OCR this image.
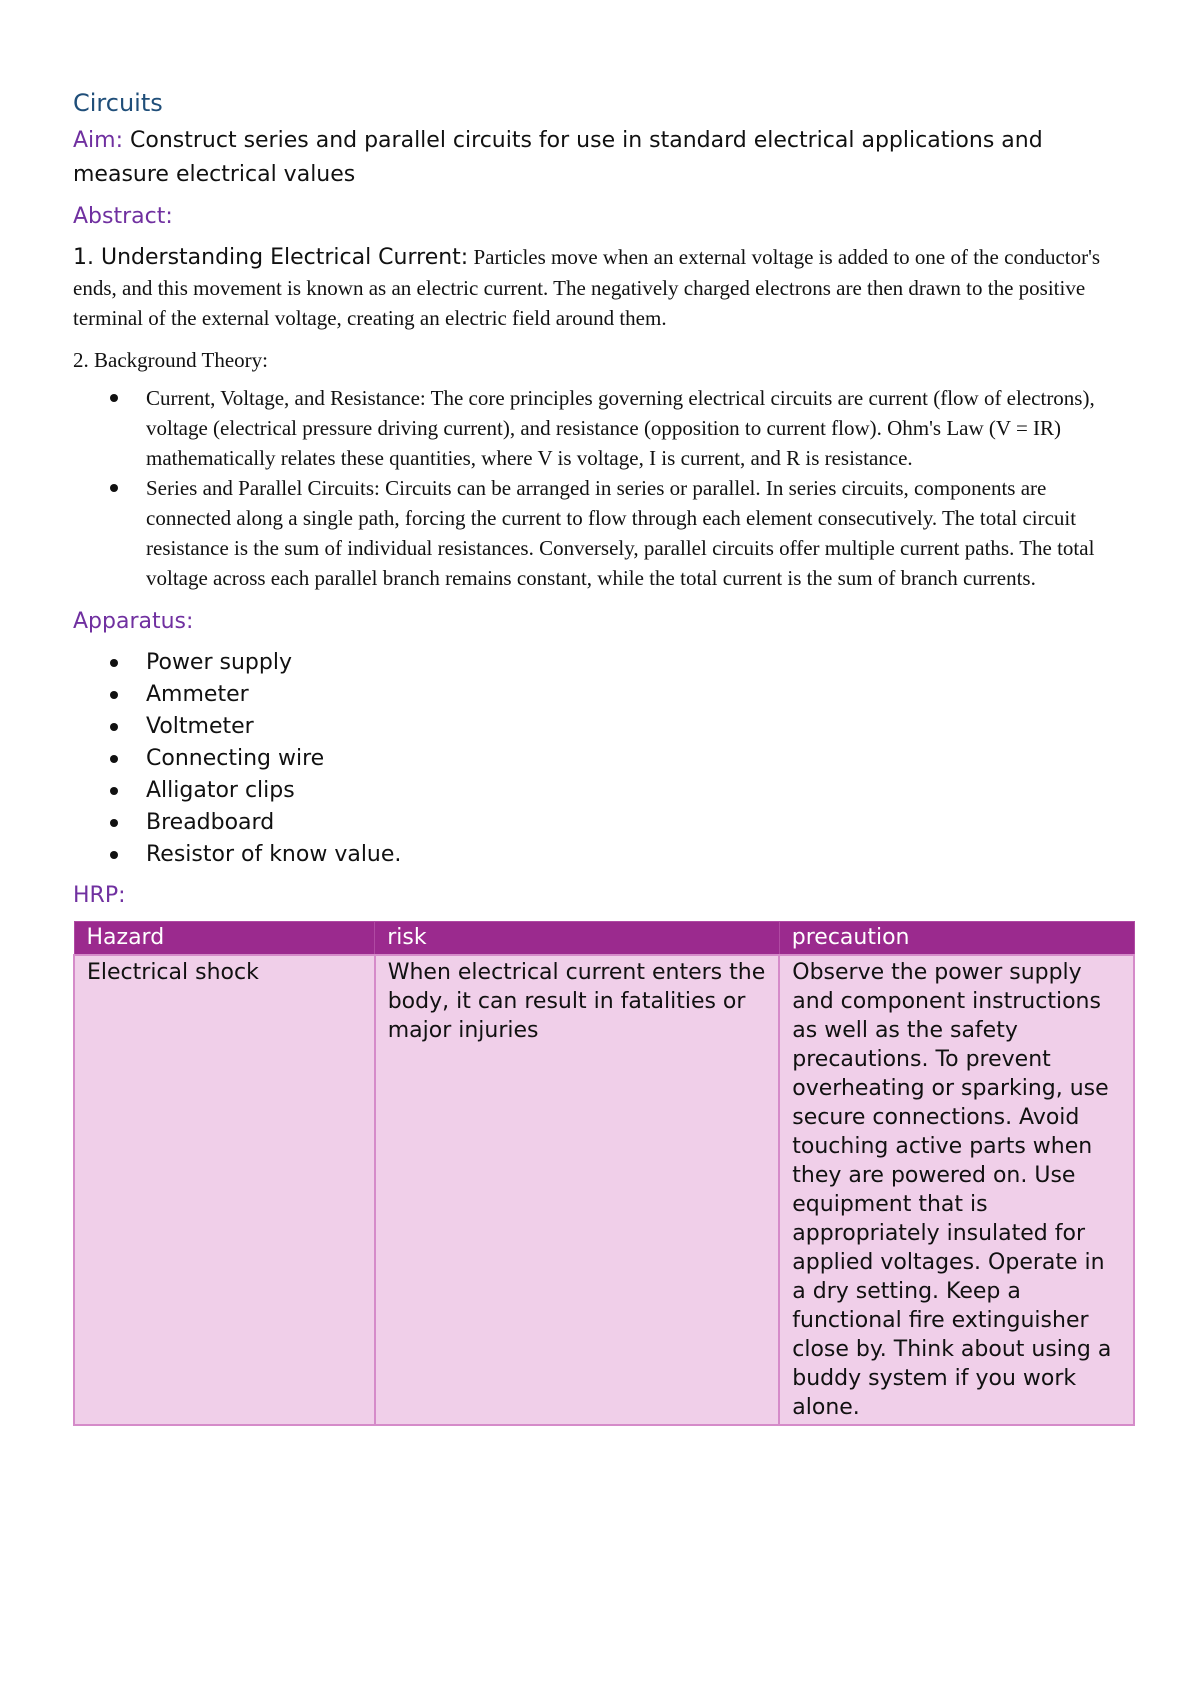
Circuits
Aim: Construct series and parallel circuits for use in standard electrical applications and measure electrical values
Abstract:
1. Understanding Electrical Current: Particles move when an external voltage is added to one of the conductor's ends, and this movement is known as an electric current. The negatively charged electrons are then drawn to the positive terminal of the external voltage, creating an electric field around them.
2. Background Theory:
Current, Voltage, and Resistance: The core principles governing electrical circuits are current (flow of electrons), voltage (electrical pressure driving current), and resistance (opposition to current flow). Ohm's Law (V = IR) mathematically relates these quantities, where V is voltage, I is current, and R is resistance.
Series and Parallel Circuits: Circuits can be arranged in series or parallel. In series circuits, components are connected along a single path, forcing the current to flow through each element consecutively. The total circuit resistance is the sum of individual resistances. Conversely, parallel circuits offer multiple current paths. The total voltage across each parallel branch remains constant, while the total current is the sum of branch currents.
Apparatus:
Power supply
Ammeter
Voltmeter
Connecting wire
Alligator clips
Breadboard
Resistor of know value.
HRP:
Hazard	risk	precaution
Electrical shock	When electrical current enters the body, it can result in fatalities or major injuries	Observe the power supply and component instructions as well as the safety precautions. To prevent overheating or sparking, use secure connections. Avoid touching active parts when they are powered on. Use equipment that is appropriately insulated for applied voltages. Operate in a dry setting. Keep a functional fire extinguisher close by. Think about using a buddy system if you work alone.
